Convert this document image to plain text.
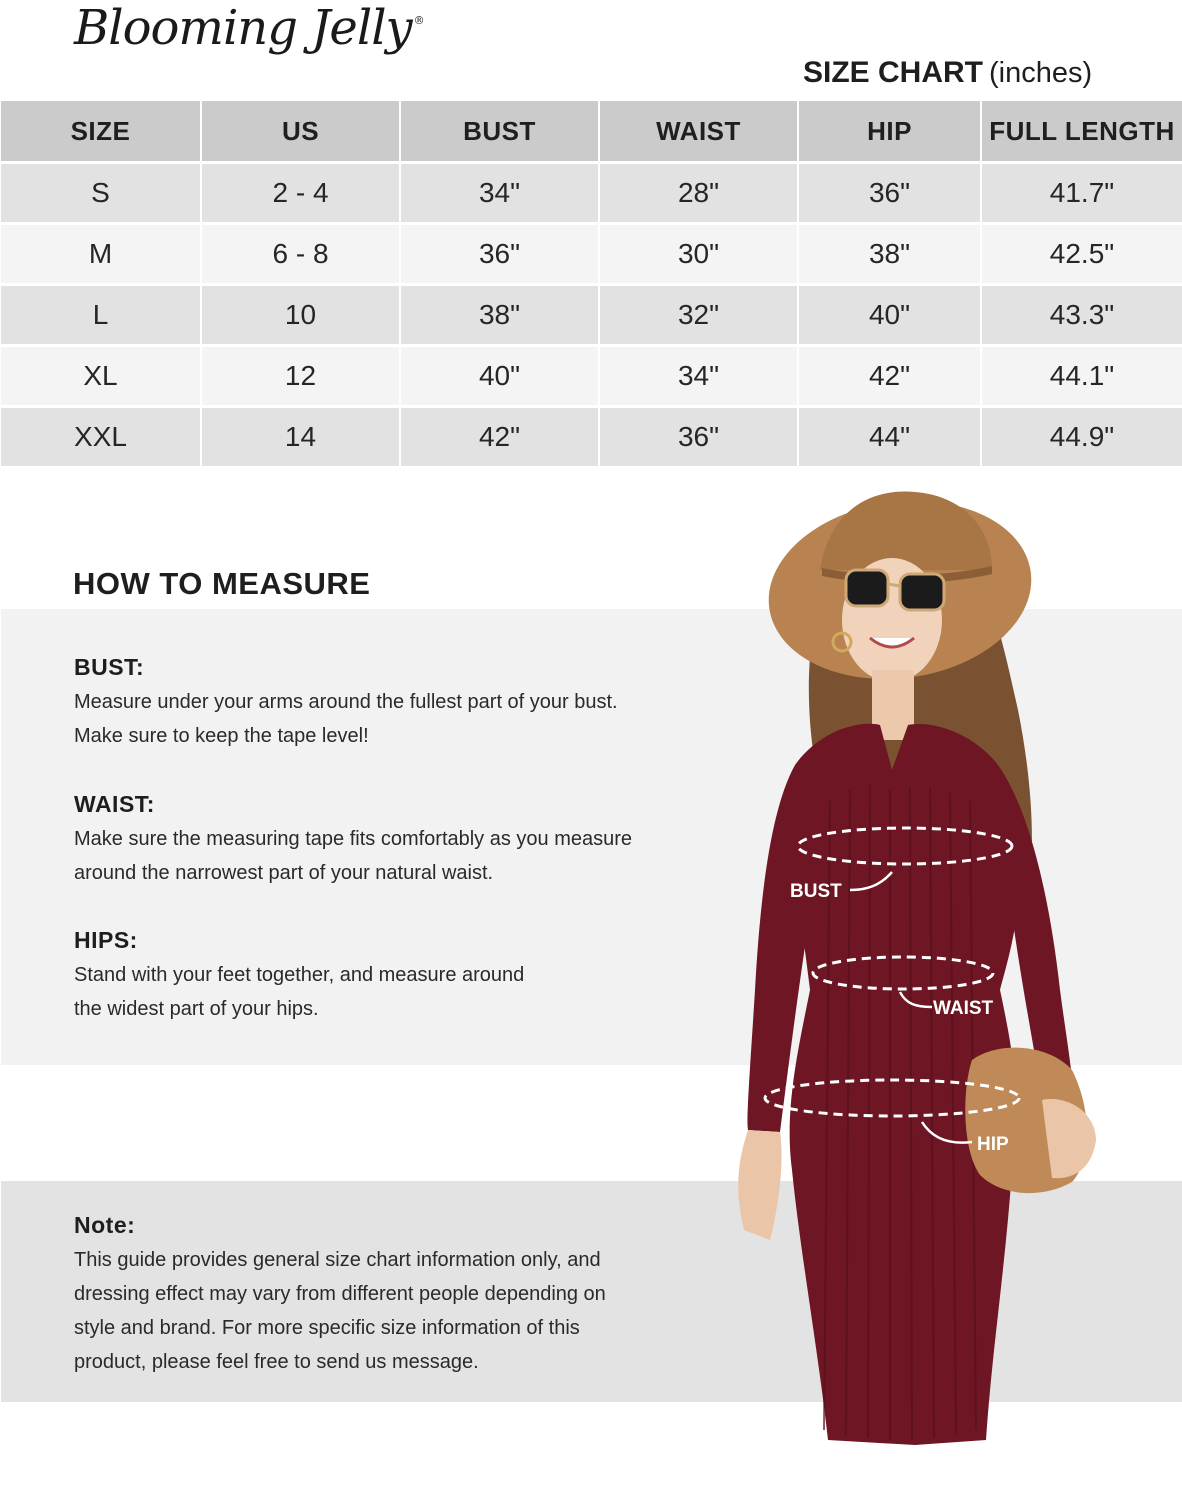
Blooming Jelly ®
SIZE CHART (inches)
SIZE	US	BUST	WAIST	HIP	FULL LENGTH
S	2 - 4	34"	28"	36"	41.7"
M	6 - 8	36"	30"	38"	42.5"
L	10	38"	32"	40"	43.3"
XL	12	40"	34"	42"	44.1"
XXL	14	42"	36"	44"	44.9"
HOW TO MEASURE
BUST:

Measure under your arms around the fullest part of your bust.
Make sure to keep the tape level!

WAIST:

Make sure the measuring tape fits comfortably as you measure
around the narrowest part of your natural waist.

HIPS:

Stand with your feet together, and measure around
the widest part of your hips.

Note:

This guide provides general size chart information only, and
dressing effect may vary from different people depending on
style and brand. For more specific size information of this
product, please feel free to send us message.

BUST
WAIST
HIP
